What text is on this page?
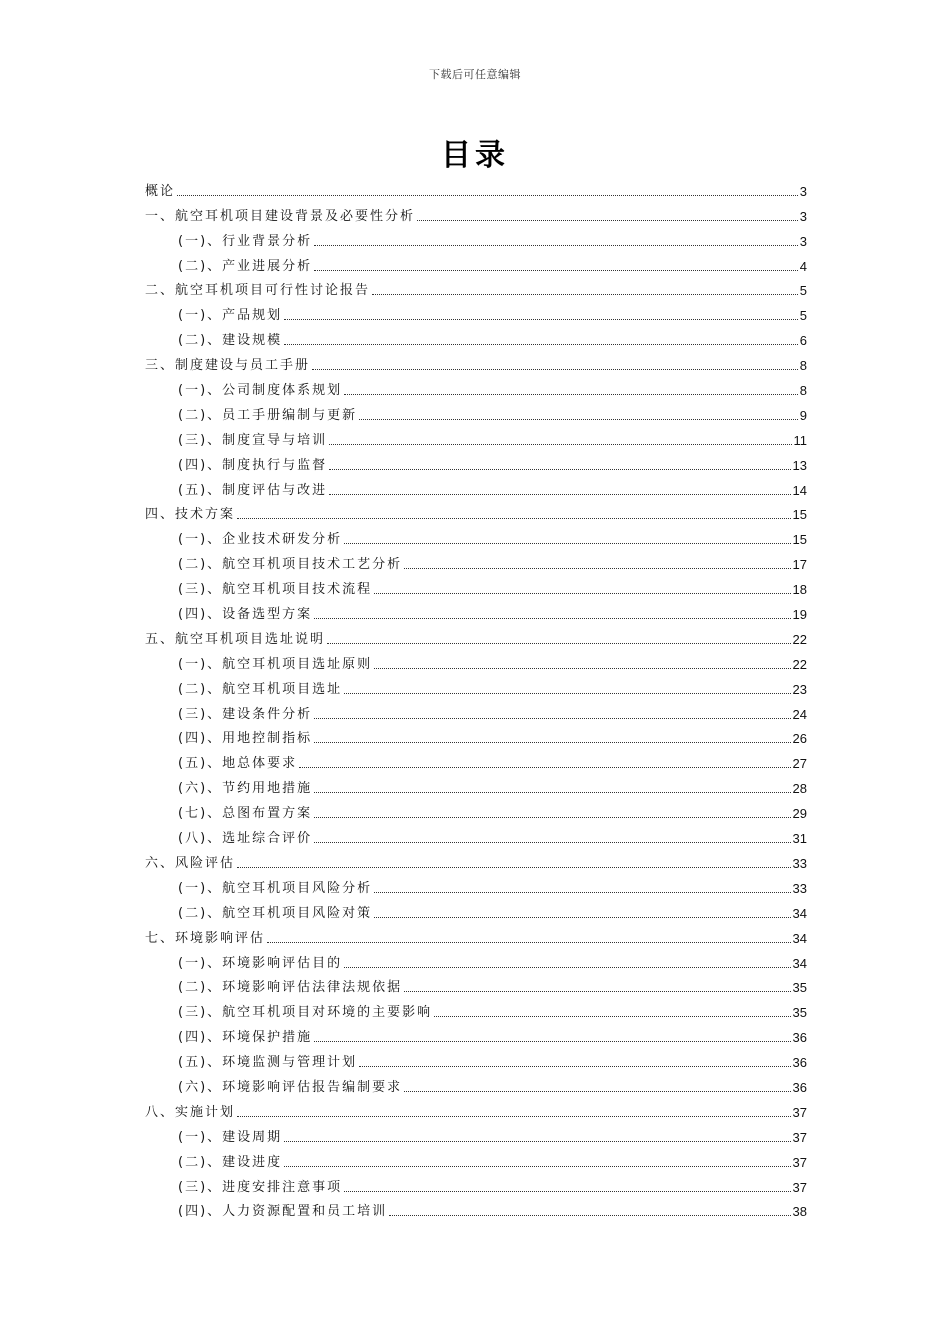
下载后可任意编辑
目录
概论	3
一、航空耳机项目建设背景及必要性分析	3
(一)、行业背景分析	3
(二)、产业进展分析	4
二、航空耳机项目可行性讨论报告	5
(一)、产品规划	5
(二)、建设规模	6
三、制度建设与员工手册	8
(一)、公司制度体系规划	8
(二)、员工手册编制与更新	9
(三)、制度宣导与培训	11
(四)、制度执行与监督	13
(五)、制度评估与改进	14
四、技术方案	15
(一)、企业技术研发分析	15
(二)、航空耳机项目技术工艺分析	17
(三)、航空耳机项目技术流程	18
(四)、设备选型方案	19
五、航空耳机项目选址说明	22
(一)、航空耳机项目选址原则	22
(二)、航空耳机项目选址	23
(三)、建设条件分析	24
(四)、用地控制指标	26
(五)、地总体要求	27
(六)、节约用地措施	28
(七)、总图布置方案	29
(八)、选址综合评价	31
六、风险评估	33
(一)、航空耳机项目风险分析	33
(二)、航空耳机项目风险对策	34
七、环境影响评估	34
(一)、环境影响评估目的	34
(二)、环境影响评估法律法规依据	35
(三)、航空耳机项目对环境的主要影响	35
(四)、环境保护措施	36
(五)、环境监测与管理计划	36
(六)、环境影响评估报告编制要求	36
八、实施计划	37
(一)、建设周期	37
(二)、建设进度	37
(三)、进度安排注意事项	37
(四)、人力资源配置和员工培训	38
